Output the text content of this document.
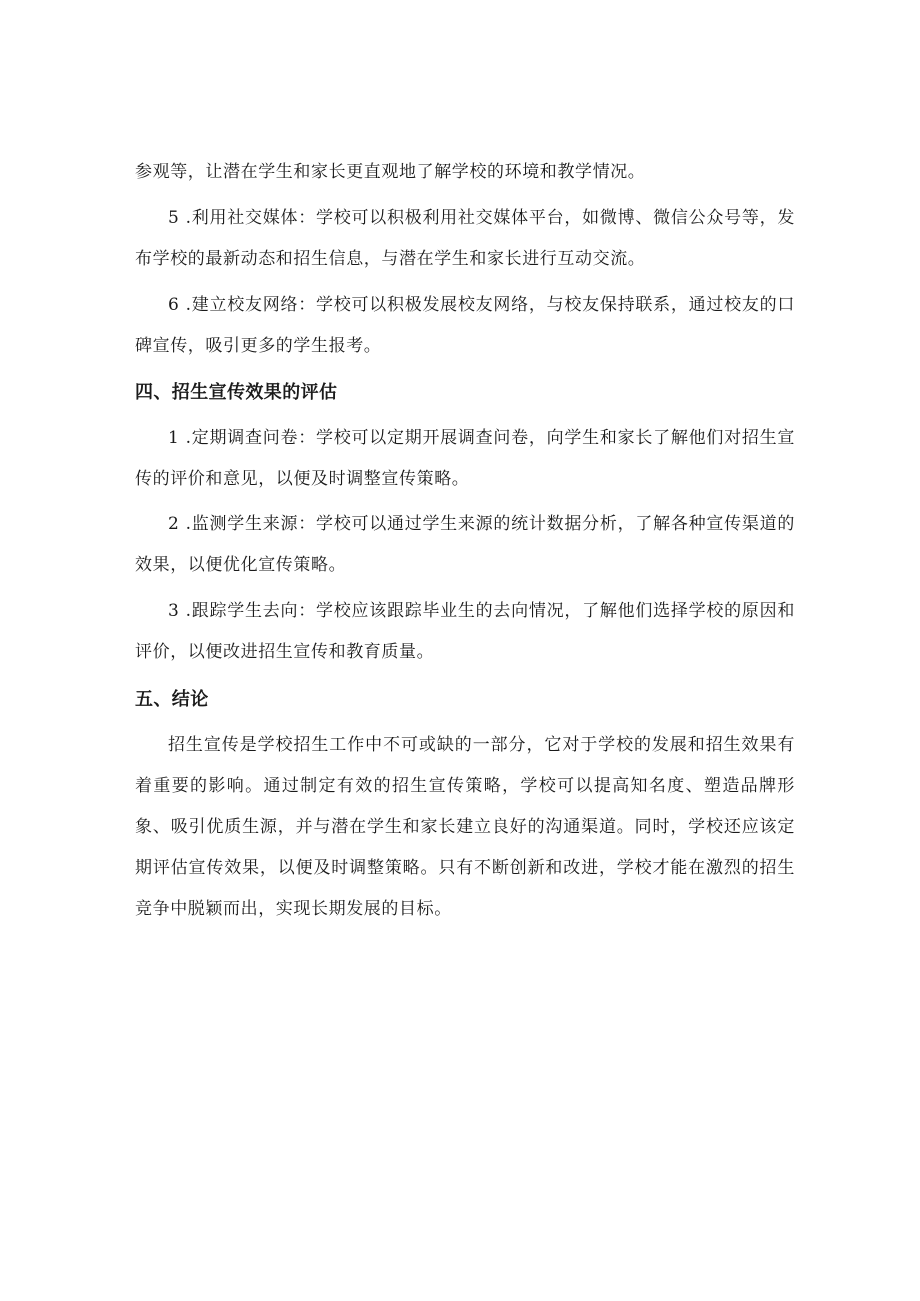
参观等，让潜在学生和家长更直观地了解学校的环境和教学情况。

5 .利用社交媒体：学校可以积极利用社交媒体平台，如微博、微信公众号等，发布学校的最新动态和招生信息，与潜在学生和家长进行互动交流。

6 .建立校友网络：学校可以积极发展校友网络，与校友保持联系，通过校友的口碑宣传，吸引更多的学生报考。

四、招生宣传效果的评估

1 .定期调查问卷：学校可以定期开展调查问卷，向学生和家长了解他们对招生宣传的评价和意见，以便及时调整宣传策略。

2 .监测学生来源：学校可以通过学生来源的统计数据分析，了解各种宣传渠道的效果，以便优化宣传策略。

3 .跟踪学生去向：学校应该跟踪毕业生的去向情况，了解他们选择学校的原因和评价，以便改进招生宣传和教育质量。

五、结论

招生宣传是学校招生工作中不可或缺的一部分，它对于学校的发展和招生效果有着重要的影响。通过制定有效的招生宣传策略，学校可以提高知名度、塑造品牌形象、吸引优质生源，并与潜在学生和家长建立良好的沟通渠道。同时，学校还应该定期评估宣传效果，以便及时调整策略。只有不断创新和改进，学校才能在激烈的招生竞争中脱颖而出，实现长期发展的目标。
